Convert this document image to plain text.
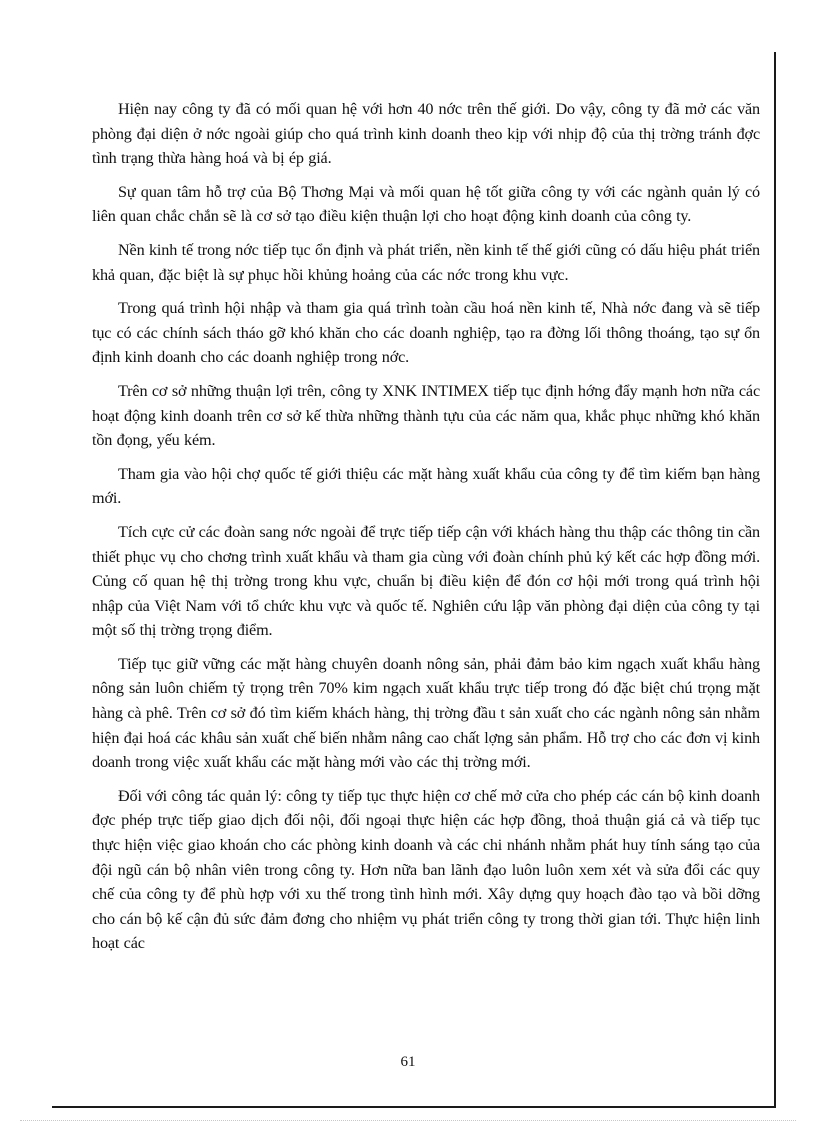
Hiện nay công ty đã có mối quan hệ với hơn 40 nớc trên thế giới. Do vậy, công ty đã mở các văn phòng đại diện ở nớc ngoài giúp cho quá trình kinh doanh theo kịp với nhịp độ của thị trờng tránh đợc tình trạng thừa hàng hoá và bị ép giá.

Sự quan tâm hỗ trợ của Bộ Thơng Mại và mối quan hệ tốt giữa công ty với các ngành quản lý có liên quan chắc chắn sẽ là cơ sở tạo điều kiện thuận lợi cho hoạt động kinh doanh của công ty.

Nền kinh tế trong nớc tiếp tục ổn định và phát triển, nền kinh tế thế giới cũng có dấu hiệu phát triển khả quan, đặc biệt là sự phục hồi khủng hoảng của các nớc trong khu vực.

Trong quá trình hội nhập và tham gia quá trình toàn cầu hoá nền kinh tế, Nhà nớc đang và sẽ tiếp tục có các chính sách tháo gỡ khó khăn cho các doanh nghiệp, tạo ra đờng lối thông thoáng, tạo sự ổn định kinh doanh cho các doanh nghiệp trong nớc.

Trên cơ sở những thuận lợi trên, công ty XNK INTIMEX tiếp tục định hớng đẩy mạnh hơn nữa các hoạt động kinh doanh trên cơ sở kế thừa những thành tựu của các năm qua, khắc phục những khó khăn tồn đọng, yếu kém.

Tham gia vào hội chợ quốc tế giới thiệu các mặt hàng xuất khẩu của công ty để tìm kiếm bạn hàng mới.

Tích cực cử các đoàn sang nớc ngoài để trực tiếp tiếp cận với khách hàng thu thập các thông tin cần thiết phục vụ cho chơng trình xuất khẩu và tham gia cùng với đoàn chính phủ ký kết các hợp đồng mới. Củng cố quan hệ thị trờng trong khu vực, chuẩn bị điều kiện để đón cơ hội mới trong quá trình hội nhập của Việt Nam với tổ chức khu vực và quốc tế. Nghiên cứu lập văn phòng đại diện của công ty tại một số thị trờng trọng điểm.

Tiếp tục giữ vững các mặt hàng chuyên doanh nông sản, phải đảm bảo kim ngạch xuất khẩu hàng nông sản luôn chiếm tỷ trọng trên 70% kim ngạch xuất khẩu trực tiếp trong đó đặc biệt chú trọng mặt hàng cà phê. Trên cơ sở đó tìm kiếm khách hàng, thị trờng đầu t sản xuất cho các ngành nông sản nhằm hiện đại hoá các khâu sản xuất chế biến nhằm nâng cao chất lợng sản phẩm. Hỗ trợ cho các đơn vị kinh doanh trong việc xuất khẩu các mặt hàng mới vào các thị trờng mới.

Đối với công tác quản lý: công ty tiếp tục thực hiện cơ chế mở cửa cho phép các cán bộ kinh doanh đợc phép trực tiếp giao dịch đối nội, đối ngoại thực hiện các hợp đồng, thoả thuận giá cả và tiếp tục thực hiện việc giao khoán cho các phòng kinh doanh và các chi nhánh nhằm phát huy tính sáng tạo của đội ngũ cán bộ nhân viên trong công ty. Hơn nữa ban lãnh đạo luôn luôn xem xét và sửa đổi các quy chế của công ty để phù hợp với xu thế trong tình hình mới. Xây dựng quy hoạch đào tạo và bồi dỡng cho cán bộ kế cận đủ sức đảm đơng cho nhiệm vụ phát triển công ty trong thời gian tới. Thực hiện linh hoạt các

61
